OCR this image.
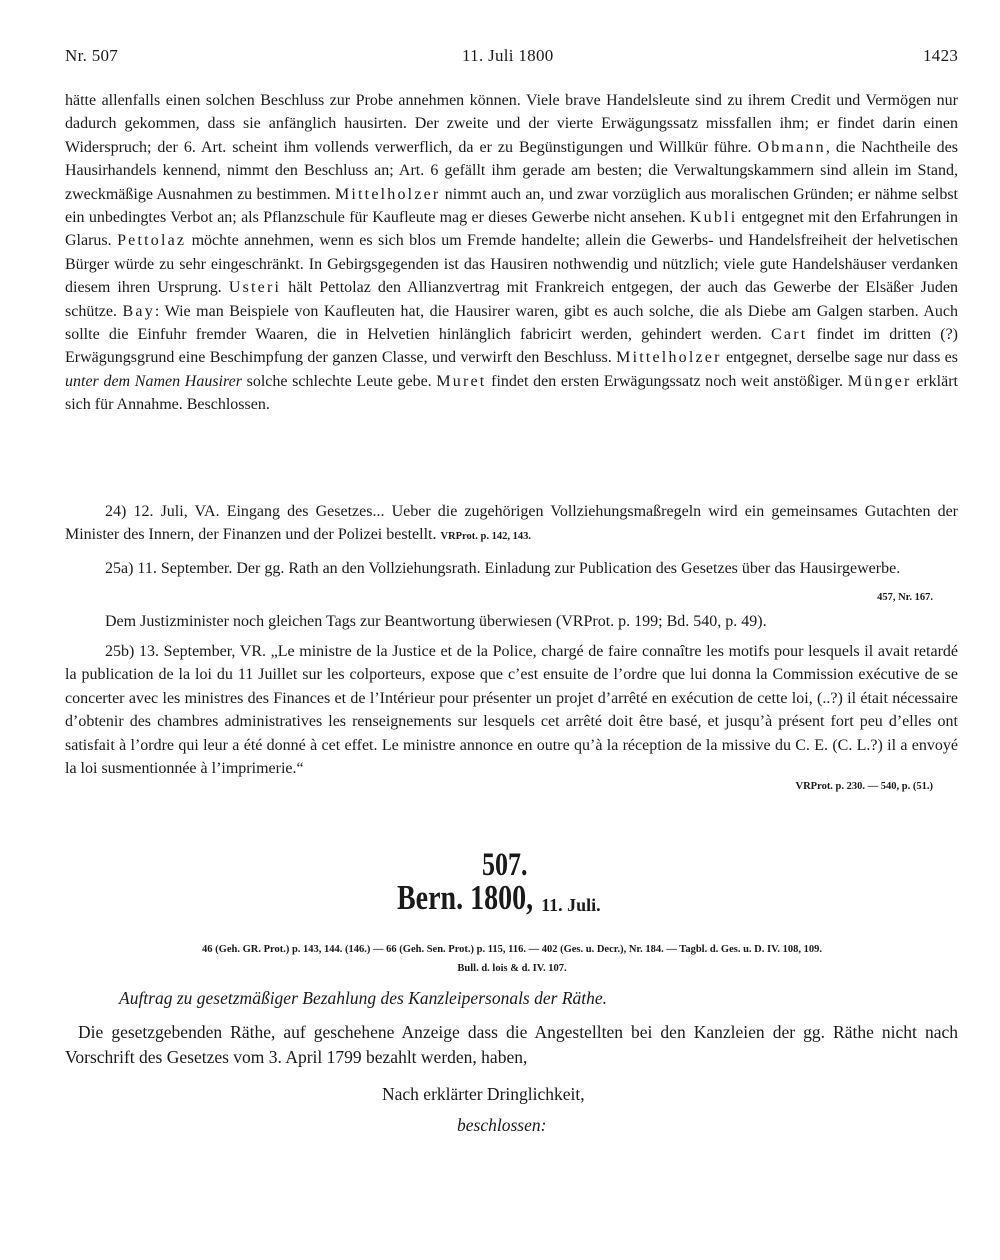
Nr. 507	11. Juli 1800	1423

hätte allenfalls einen solchen Beschluss zur Probe annehmen können. Viele brave Handelsleute sind zu ihrem Credit und Vermögen nur dadurch gekommen, dass sie anfänglich hausirten. Der zweite und der vierte Erwägungssatz missfallen ihm; er findet darin einen Widerspruch; der 6. Art. scheint ihm vollends verwerflich, da er zu Begünstigungen und Willkür führe. Obmann, die Nachtheile des Hausirhandels kennend, nimmt den Beschluss an; Art. 6 gefällt ihm gerade am besten; die Verwaltungskammern sind allein im Stand, zweckmäßige Ausnahmen zu bestimmen. Mittelholzer nimmt auch an, und zwar vorzüglich aus moralischen Gründen; er nähme selbst ein unbedingtes Verbot an; als Pflanzschule für Kaufleute mag er dieses Gewerbe nicht ansehen. Kubli entgegnet mit den Erfahrungen in Glarus. Pettolaz möchte annehmen, wenn es sich blos um Fremde handelte; allein die Gewerbs- und Handelsfreiheit der helvetischen Bürger würde zu sehr eingeschränkt. In Gebirgsgegenden ist das Hausiren nothwendig und nützlich; viele gute Handelshäuser verdanken diesem ihren Ursprung. Usteri hält Pettolaz den Allianzvertrag mit Frankreich entgegen, der auch das Gewerbe der Elsäßer Juden schütze. Bay: Wie man Beispiele von Kaufleuten hat, die Hausirer waren, gibt es auch solche, die als Diebe am Galgen starben. Auch sollte die Einfuhr fremder Waaren, die in Helvetien hinlänglich fabricirt werden, gehindert werden. Cart findet im dritten (?) Erwägungsgrund eine Beschimpfung der ganzen Classe, und verwirft den Beschluss. Mittelholzer entgegnet, derselbe sage nur dass es unter dem Namen Hausirer solche schlechte Leute gebe. Muret findet den ersten Erwägungssatz noch weit anstößiger. Münger erklärt sich für Annahme. Beschlossen.

24) 12. Juli, VA. Eingang des Gesetzes... Ueber die zugehörigen Vollziehungsmaßregeln wird ein gemeinsames Gutachten der Minister des Innern, der Finanzen und der Polizei bestellt. VRProt. p. 142, 143.

25a) 11. September. Der gg. Rath an den Vollziehungsrath. Einladung zur Publication des Gesetzes über das Hausirgewerbe.
457, Nr. 167.

Dem Justizminister noch gleichen Tags zur Beantwortung überwiesen (VRProt. p. 199; Bd. 540, p. 49).

25b) 13. September, VR. „Le ministre de la Justice et de la Police, chargé de faire connaître les motifs pour lesquels il avait retardé la publication de la loi du 11 Juillet sur les colporteurs, expose que c’est ensuite de l’ordre que lui donna la Commission exécutive de se concerter avec les ministres des Finances et de l’Intérieur pour présenter un projet d’arrêté en exécution de cette loi, (..?) il était nécessaire d’obtenir des chambres administratives les renseignements sur lesquels cet arrêté doit être basé, et jusqu’à présent fort peu d’elles ont satisfait à l’ordre qui leur a été donné à cet effet. Le ministre annonce en outre qu’à la réception de la missive du C. E. (C. L.?) il a envoyé la loi susmentionnée à l’imprimerie.“
VRProt. p. 230. — 540, p. (51.)

507.
Bern. 1800, 11. Juli.
46 (Geh. GR. Prot.) p. 143, 144. (146.) — 66 (Geh. Sen. Prot.) p. 115, 116. — 402 (Ges. u. Decr.), Nr. 184. — Tagbl. d. Ges. u. D. IV. 108, 109.
Bull. d. lois & d. IV. 107.
Auftrag zu gesetzmäßiger Bezahlung des Kanzleipersonals der Räthe.

Die gesetzgebenden Räthe, auf geschehene Anzeige dass die Angestellten bei den Kanzleien der gg. Räthe nicht nach Vorschrift des Gesetzes vom 3. April 1799 bezahlt werden, haben,

Nach erklärter Dringlichkeit,
beschlossen:
